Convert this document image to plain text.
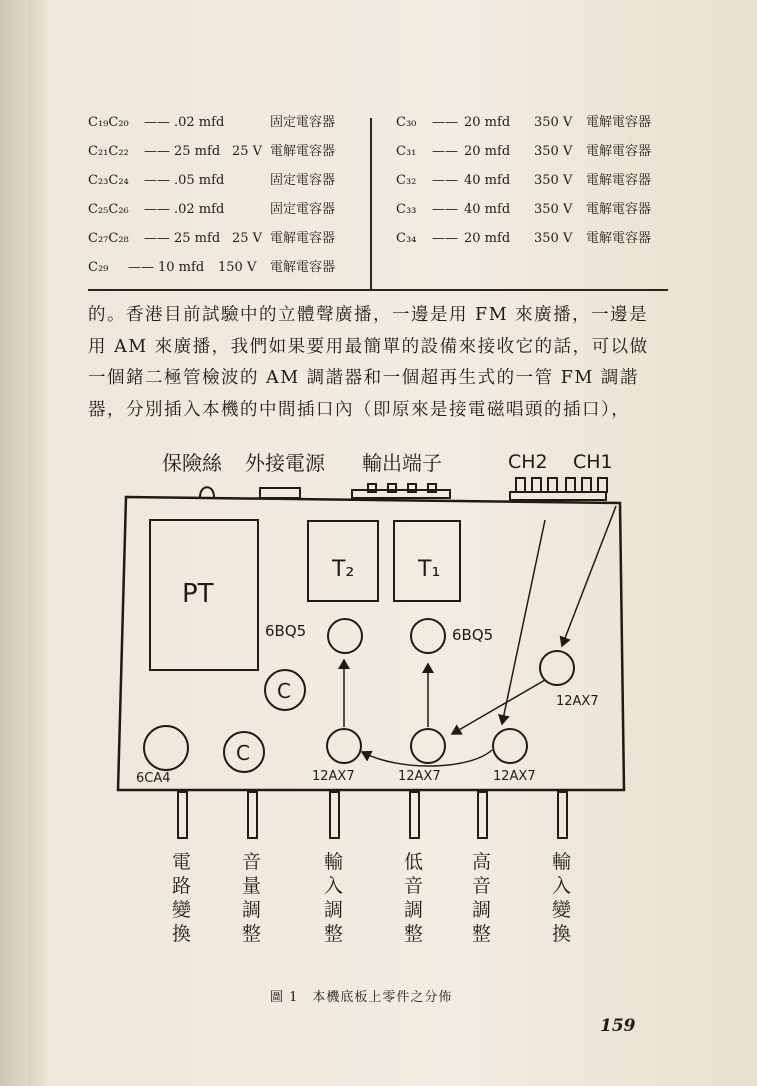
C₁₉C₂₀ —— .02 mfd	固定電容器
C₂₁C₂₂ —— 25 mfd 25 V 電解電容器
C₂₃C₂₄ —— .05 mfd	固定電容器
C₂₅C₂₆ —— .02 mfd	固定電容器
C₂₇C₂₈ —— 25 mfd 25 V 電解電容器
C₂₉ —— 10 mfd 150 V 電解電容器
C₃₀ —— 20 mfd 350 V 電解電容器
C₃₁ —— 20 mfd 350 V 電解電容器
C₃₂ —— 40 mfd 350 V 電解電容器
C₃₃ —— 40 mfd 350 V 電解電容器
C₃₄ —— 20 mfd 350 V 電解電容器
的。香港目前試驗中的立體聲廣播，一邊是用 FM 來廣播，一邊是
用 AM 來廣播，我們如果要用最簡單的設備來接收它的話，可以做
一個鍺二極管檢波的 AM 調諧器和一個超再生式的一管 FM 調諧
器，分別插入本機的中間插口內（即原來是接電磁唱頭的插口），
保險絲 外接電源 輸出端子	CH2 CH1
PT
T₂	T₁
C
C
6BQ5	6BQ5
12AX7
12AX7	12AX7	12AX7
6CA4
電路變換
音量調整
輸入調整
低音調整
高音調整
輸入變換
圖 1　本機底板上零件之分佈
159
